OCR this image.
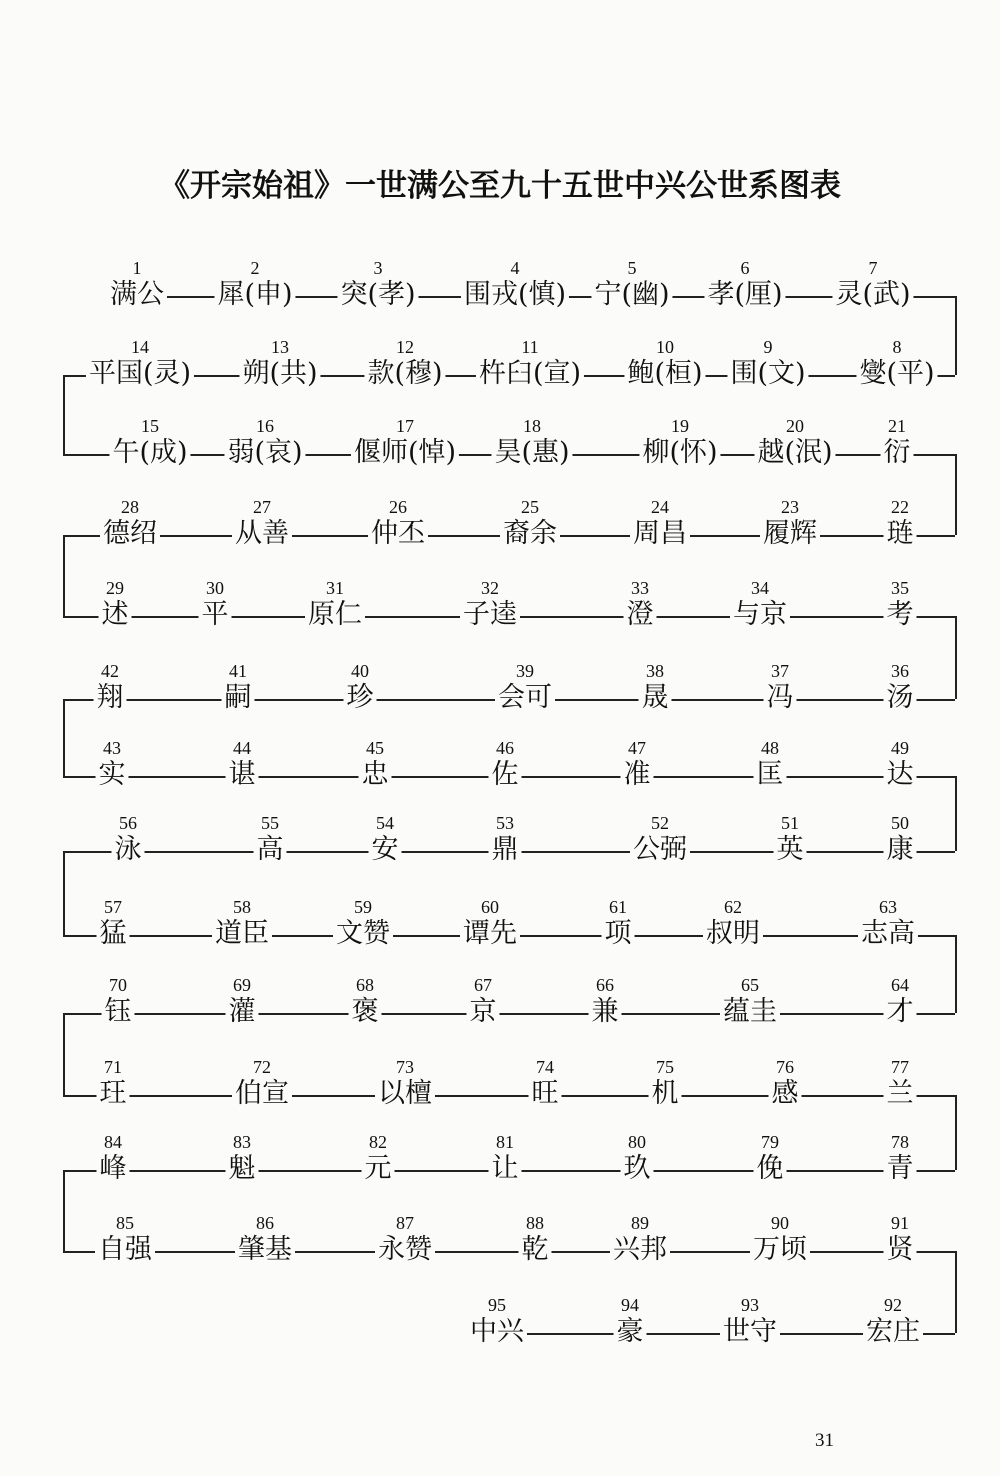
《开宗始祖》一世满公至九十五世中兴公世系图表
1
满公
2
犀(申)
3
突(孝)
4
围戎(慎)
5
宁(幽)
6
孝(厘)
7
灵(武)
14
平国(灵)
13
朔(共)
12
款(穆)
11
杵臼(宣)
10
鲍(桓)
9
围(文)
8
燮(平)
15
午(成)
16
弱(哀)
17
偃师(悼)
18
昊(惠)
19
柳(怀)
20
越(泯)
21
衍
28
德绍
27
从善
26
仲丕
25
裔余
24
周昌
23
履辉
22
琏
29
述
30
平
31
原仁
32
子逵
33
澄
34
与京
35
考
42
翔
41
嗣
40
珍
39
会可
38
晟
37
冯
36
汤
43
实
44
谌
45
忠
46
佐
47
准
48
匡
49
达
56
泳
55
高
54
安
53
鼎
52
公弼
51
英
50
康
57
猛
58
道臣
59
文赞
60
谭先
61
项
62
叔明
63
志高
70
钰
69
灌
68
褒
67
京
66
兼
65
蕴圭
64
才
71
玨
72
伯宣
73
以檀
74
旺
75
机
76
感
77
兰
84
峰
83
魁
82
元
81
让
80
玖
79
俛
78
青
85
自强
86
肇基
87
永赞
88
乾
89
兴邦
90
万顷
91
贤
95
中兴
94
豪
93
世守
92
宏庄
31
